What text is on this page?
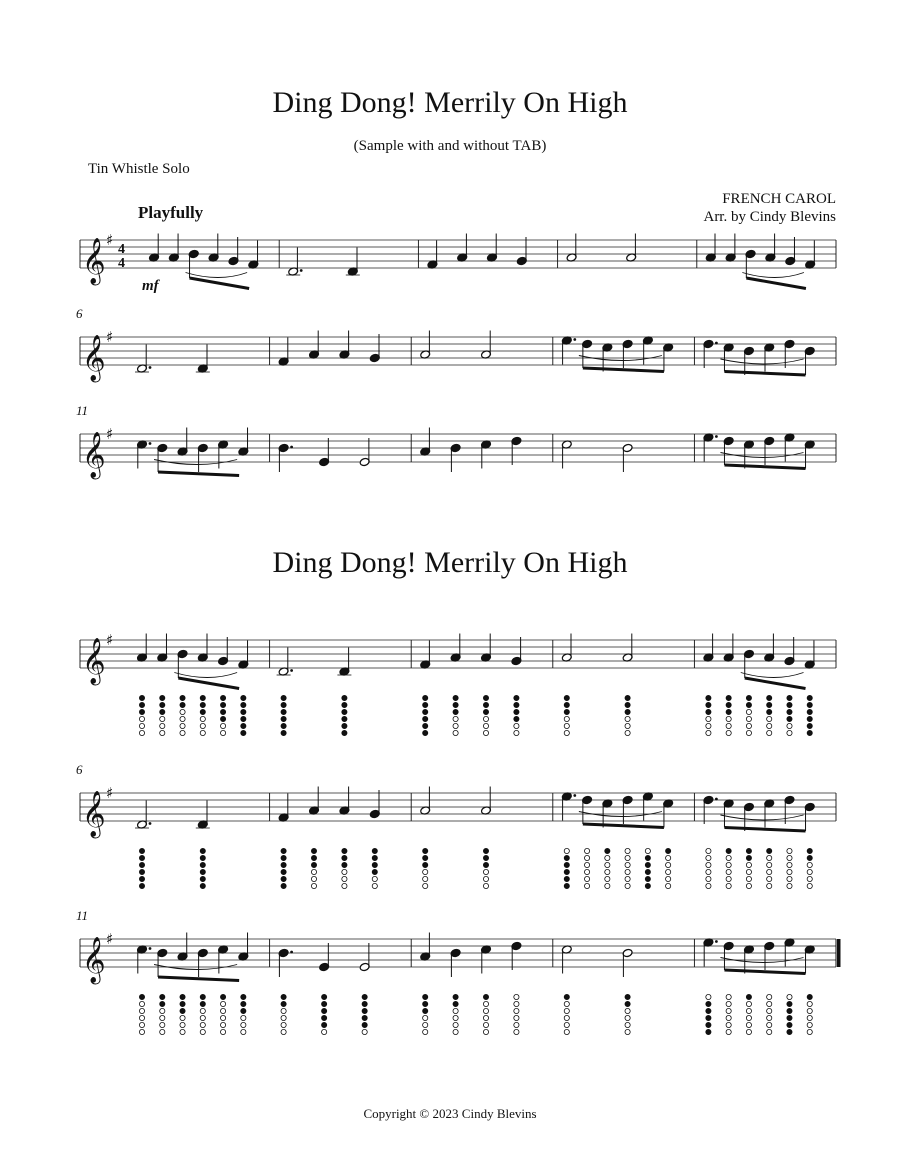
Ding Dong! Merrily On High
(Sample with and without TAB)
Tin Whistle Solo
FRENCH CAROL
Arr. by Cindy Blevins
Playfully
6
11
𝄞 ♯
4
4
mf
𝄞 ♯
𝄞 ♯
Ding Dong! Merrily On High
6
11
𝄞 ♯
𝄞 ♯
𝄞 ♯
Copyright © 2023 Cindy Blevins
